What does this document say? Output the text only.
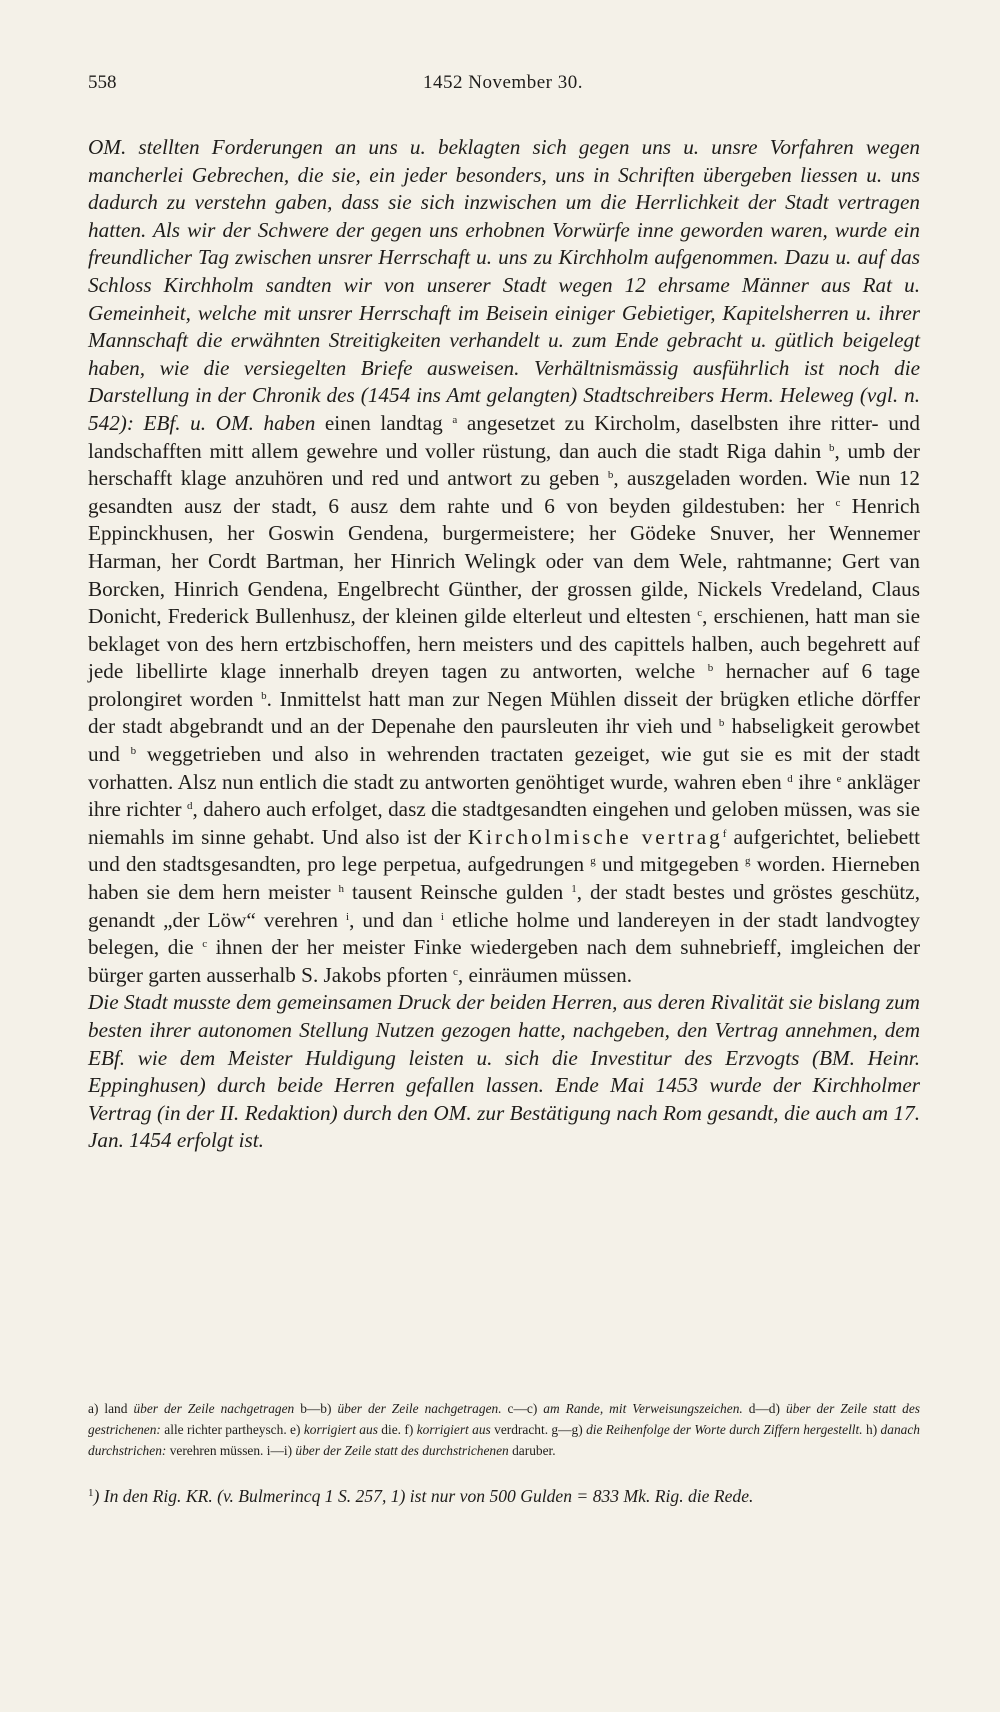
558	1452 November 30.

OM. stellten Forderungen an uns u. beklagten sich gegen uns u. unsre Vorfahren wegen mancherlei Gebrechen, die sie, ein jeder besonders, uns in Schriften übergeben liessen u. uns dadurch zu verstehn gaben, dass sie sich inzwischen um die Herrlichkeit der Stadt vertragen hatten. Als wir der Schwere der gegen uns erhobnen Vorwürfe inne geworden waren, wurde ein freundlicher Tag zwischen unsrer Herrschaft u. uns zu Kirchholm aufgenommen. Dazu u. auf das Schloss Kirchholm sandten wir von unserer Stadt wegen 12 ehrsame Männer aus Rat u. Gemeinheit, welche mit unsrer Herrschaft im Beisein einiger Gebietiger, Kapitelsherren u. ihrer Mannschaft die erwähnten Streitigkeiten verhandelt u. zum Ende gebracht u. gütlich beigelegt haben, wie die versiegelten Briefe ausweisen. Verhältnismässig ausführlich ist noch die Darstellung in der Chronik des (1454 ins Amt gelangten) Stadtschreibers Herm. Heleweg (vgl. n. 542): EBf. u. OM. haben einen landtag $^a$ angesetzet zu Kircholm, daselbsten ihre ritter- und landschafften mitt allem gewehre und voller rüstung, dan auch die stadt Riga dahin $^b$, umb der herschafft klage anzuhören und red und antwort zu geben $^b$, auszgeladen worden. Wie nun 12 gesandten ausz der stadt, 6 ausz dem rahte und 6 von beyden gildestuben: her $^c$ Henrich Eppinckhusen, her Goswin Gendena, burgermeistere; her Gödeke Snuver, her Wennemer Harman, her Cordt Bartman, her Hinrich Welingk oder van dem Wele, rahtmanne; Gert van Borcken, Hinrich Gendena, Engelbrecht Günther, der grossen gilde, Nickels Vredeland, Claus Donicht, Frederick Bullenhusz, der kleinen gilde elterleut und eltesten $^c$, erschienen, hatt man sie beklaget von des hern ertzbischoffen, hern meisters und des capittels halben, auch begehrett auf jede libellirte klage innerhalb dreyen tagen zu antworten, welche $^b$ hernacher auf 6 tage prolongiret worden $^b$. Inmittelst hatt man zur Negen Mühlen disseit der brügken etliche dörffer der stadt abgebrandt und an der Depenahe den paursleuten ihr vieh und $^b$ habseligkeit gerowbet und $^b$ weggetrieben und also in wehrenden tractaten gezeiget, wie gut sie es mit der stadt vorhatten. Alsz nun entlich die stadt zu antworten genöhtiget wurde, wahren eben $^d$ ihre $^e$ ankläger ihre richter $^d$, dahero auch erfolget, dasz die stadtgesandten eingehen und geloben müssen, was sie niemahls im sinne gehabt. Und also ist der Kircholmische vertrag$^f$ aufgerichtet, beliebett und den stadtsgesandten, pro lege perpetua, aufgedrungen $^g$ und mitgegeben $^g$ worden. Hierneben haben sie dem hern meister $^h$ tausent Reinsche gulden $^1$, der stadt bestes und gröstes geschütz, genandt „der Löw“ verehren $^i$, und dan $^i$ etliche holme und landereyen in der stadt landvogtey belegen, die $^c$ ihnen der her meister Finke wiedergeben nach dem suhnebrieff, imgleichen der bürger garten ausserhalb S. Jakobs pforten $^c$, einräumen müssen.
Die Stadt musste dem gemeinsamen Druck der beiden Herren, aus deren Rivalität sie bislang zum besten ihrer autonomen Stellung Nutzen gezogen hatte, nachgeben, den Vertrag annehmen, dem EBf. wie dem Meister Huldigung leisten u. sich die Investitur des Erzvogts (BM. Heinr. Eppinghusen) durch beide Herren gefallen lassen. Ende Mai 1453 wurde der Kirchholmer Vertrag (in der II. Redaktion) durch den OM. zur Bestätigung nach Rom gesandt, die auch am 17. Jan. 1454 erfolgt ist.

a) land über der Zeile nachgetragen b—b) über der Zeile nachgetragen. c—c) am Rande, mit Verweisungszeichen. d—d) über der Zeile statt des gestrichenen: alle richter partheysch. e) korrigiert aus die. f) korrigiert aus verdracht. g—g) die Reihenfolge der Worte durch Ziffern hergestellt. h) danach durchstrichen: verehren müssen. i—i) über der Zeile statt des durchstrichenen daruber.

$^1$) In den Rig. KR. (v. Bulmerincq 1 S. 257, 1) ist nur von 500 Gulden = 833 Mk. Rig. die Rede.
